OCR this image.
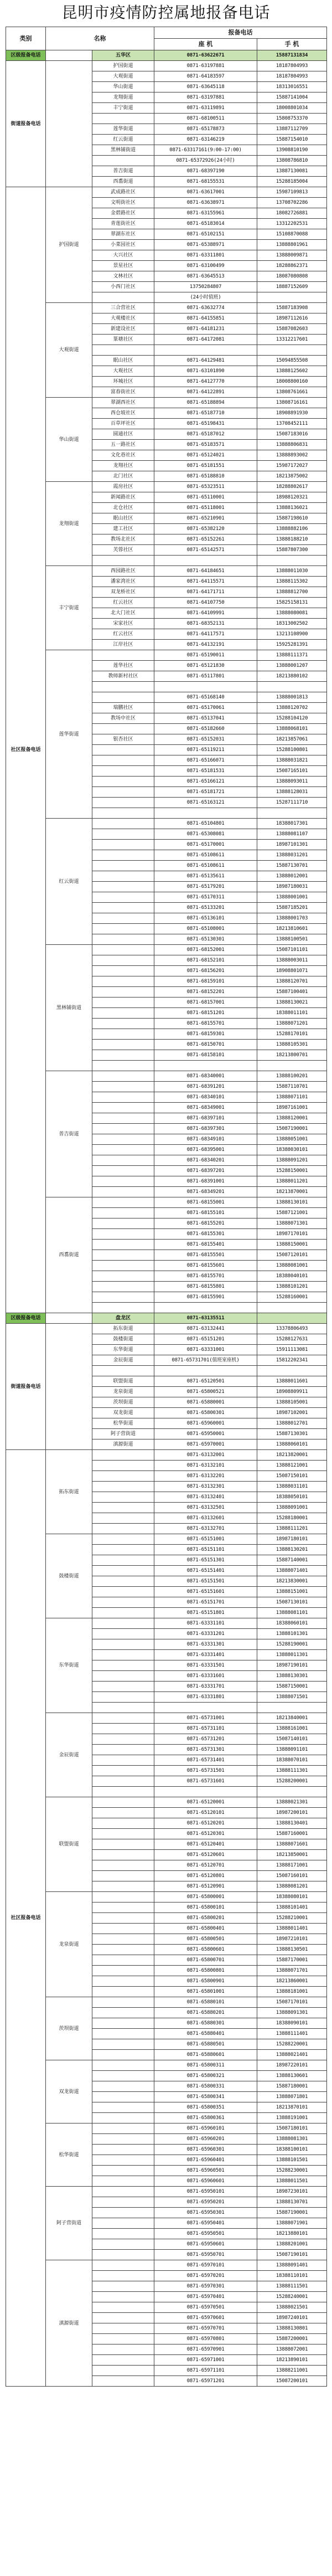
昆明市疫情防控属地报备电话
类别	名称		报备电话	
			座 机	手 机
区级报备电话		五华区	0871-63622671	15887131834
街道报备电话		护国街道	0871-63197881	18187804993
		大观街道	0871-64183597	18187804993
		华山街道	0871-63645118	18313016551
		龙翔街道	0871-63197881	15887141004
		丰宁街道	0871-63119891	18008801034
			0871-68100511	15808753370
		莲华街道	0871-65178873	13887112709
		红云街道	0871-63146219	15887154010
		黑林铺街道	0871-63317161(9:00-17:00)	13908810190
			0871-65372926(24小时)	13808786810
		普吉街道	0871-68397190	13887130081
		西翥街道	0871-68155531	15288185004
社区报备电话	护国街道	武成路社区	0871-63617001	15987109813
		文明街社区	0871-63638971	13708702286
		金碧路社区	0871-63155961	18082726881
		青莲街社区	0871-65183014	13312202531
		翠湖东社区	0871-65102151	15108870088
		小菜园社区	0871-65388971	13888801961
		大兴社区	0871-63311801	13888009871
		景星社区	0871-63100499	18288862371
		文林社区	0871-63645513	18087080808
		小西门社区	13750284807	18887152609
			(24小时值班)	
	大观街道	三合营社区	0871-63632774	15887183908
		大观楼社区	0871-64155851	18987112616
		新建设社区	0871-64181231	15887082603
		篆塘社区	0871-64172081	13312217601

		眠山社区	0871-64129481	15094855508
		大观社区	0871-63101890	13888125602
		环城社区	0871-64127770	18008800160
		富春街社区	0871-64122891	13808761661
	华山街道	翠湖西社区	0871-65188894	13808716161
		西仓坡社区	0871-65187710	18908891930
		百草坪社区	0871-65198431	13708452111
		圆通社区	0871-65187012	15087183016
		五一路社区	0871-65183571	13888806831
		文化巷社区	0871-65124021	13888893002
		龙翔社区	0871-65181551	15987172027
		北门社区	0871-65188810	18213875002
	龙翔街道	霞房社区	0871-65323511	18288802617
		新闻路社区	0871-65110001	18988120321
		北仓社区	0871-65118001	13888136021
		眠山社区	0871-65210901	15887198610
		建工社区	0871-65382120	13888882106
		教场北社区	0871-65152261	13888188210
		芙蓉社区	0871-65142571	15887807300

	丰宁街道	西园路社区	0871-64184651	13888011030
		潘家湾社区	0871-64115571	13888115302
		双龙桥社区	0871-64171711	13888812700
		红云社区	0871-64107750	15825158131
		北大门社区	0871-64109991	13888080081
		宋家社区	0871-68352131	18313002502
		红云社区	0871-64117571	13213108900
		江岸社区	0871-64132191	15925281391
	莲华街道		0871-65190011	13888111371
		莲华社区	0871-65121830	13888001207
		教师新村社区	0871-65117801	18213880102

			0871-65168140	13888001813
		瑞鹏社区	0871-65170061	13888120702
		教场中社区	0871-65137041	15288104120
			0871-65182660	13888068101
		银杏社区	0871-65152031	18213857061
			0871-65119211	15288100801
			0871-65166071	13888031821
			0871-65181531	15087165101
			0871-65166121	13888093011
			0871-65181721	13888128031
			0871-65163121	15287111710

	红云街道		0871-65104801	18388017301
			0871-65308081	13888081107
			0871-65170001	18987101301
			0871-65108611	13888031201
			0871-65108611	15887130701
			0871-65135611	13888012001
			0871-65179201	18987180031
			0871-65170311	13888001001
			0871-65133201	15887185201
			0871-65136101	13888001703
			0871-65108001	18213810601
			0871-65130301	13888100501
	黑林铺街道		0871-68152001	15087101101
			0871-68152101	13888003011
			0871-68156201	18908801071
			0871-68159101	13888120701
			0871-68152201	15887100401
			0871-68157001	13888130021
			0871-68151201	18388011101
			0871-68155701	13888071201
			0871-68159301	15288170101
			0871-68150701	13888105301
			0871-68158101	18213800701

	普吉街道		0871-68340001	13888100201
			0871-68391201	15887110701
			0871-68340101	13888071101
			0871-68349001	18987161001
			0871-68397101	13888120001
			0871-68397301	15087190001
			0871-68349101	13888051001
			0871-68395001	18388030101
			0871-68340201	13888091201
			0871-68397201	15288150001
			0871-68391001	13888011201
			0871-68349201	18213870001
	西翥街道		0871-68155001	13888130101
			0871-68155101	15887121001
			0871-68155201	13888071301
			0871-68155301	18987170101
			0871-68155401	13888150001
			0871-68155501	15087120101
			0871-68155601	13888081001
			0871-68155701	18388040101
			0871-68155801	13888101201
			0871-68155901	15288160001

区级报备电话		盘龙区	0871-63135511	
街道报备电话		拓东街道	0871-63132441	13378806493
		鼓楼街道	0871-65151201	15288127631
		东华街道	0871-63331001	15911113081
		金辰街道	0871-65731701(值班室座机)	15812202341

		联盟街道	0871-65120501	13888011601
		龙泉街道	0871-65800521	18908809911
		茨坝街道	0871-65880001	13888105001
		双龙街道	0871-65800301	18987102001
		松华街道	0871-65960001	13888012701
		阿子营街道	0871-65950001	15887130301
		滇源街道	0871-65970001	13888060101
社区报备电话	拓东街道		0871-63132001	18213820001
			0871-63132101	13888121001
			0871-63132201	15087150101
			0871-63132301	13888031101
			0871-63132401	18388050101
			0871-63132501	13888091001
			0871-63132601	15288180001
			0871-63132701	13888111201
	鼓楼街道		0871-65151001	18987180101
			0871-65151101	13888130201
			0871-65151301	15887140001
			0871-65151401	13888071401
			0871-65151501	18213830001
			0871-65151601	13888151001
			0871-65151701	15087130101
			0871-65151801	13888081101
	东华街道		0871-63331101	18388060101
			0871-63331201	13888101301
			0871-63331301	15288190001
			0871-63331401	13888011301
			0871-63331501	18987190101
			0871-63331601	13888130301
			0871-63331701	15887150001
			0871-63331801	13888071501

	金辰街道		0871-65731001	18213840001
			0871-65731101	13888161001
			0871-65731201	15087140101
			0871-65731301	13888091101
			0871-65731401	18388070101
			0871-65731501	13888111301
			0871-65731601	15288200001

	联盟街道		0871-65120001	13888021301
			0871-65120101	18987200101
			0871-65120201	13888130401
			0871-65120301	15887160001
			0871-65120401	13888071601
			0871-65120601	18213850001
			0871-65120701	13888171001
			0871-65120801	15087160101
			0871-65120901	13888081201
	龙泉街道		0871-65800001	18388080101
			0871-65800101	13888101401
			0871-65800201	15288210001
			0871-65800401	13888011401
			0871-65800501	18987210101
			0871-65800601	13888130501
			0871-65800701	15887170001
			0871-65800801	13888071701
			0871-65800901	18213860001
			0871-65801001	13888181001
	茨坝街道		0871-65880101	15087170101
			0871-65880201	13888091301
			0871-65880301	18388090101
			0871-65880401	13888111401
			0871-65880501	15288220001
			0871-65880601	13888021401
	双龙街道		0871-65800311	18987220101
			0871-65800321	13888130601
			0871-65800331	15887180001
			0871-65800341	13888071801
			0871-65800351	18213870101
			0871-65800361	13888191001
	松华街道		0871-65960101	15087180101
			0871-65960201	13888081301
			0871-65960301	18388100101
			0871-65960401	13888101501
			0871-65960501	15288230001
			0871-65960601	13888011501
	阿子营街道		0871-65950101	18987230101
			0871-65950201	13888130701
			0871-65950301	15887190001
			0871-65950401	13888071901
			0871-65950501	18213880101
			0871-65950601	13888201001
			0871-65950701	15087190101
	滇源街道		0871-65970101	13888091401
			0871-65970201	18388110101
			0871-65970301	13888111501
			0871-65970401	15288240001
			0871-65970501	13888021501
			0871-65970601	18987240101
			0871-65970701	13888130801
			0871-65970801	15887200001
			0871-65970901	13888072001
			0871-65971001	18213890101
			0871-65971101	13888211001
			0871-65971201	15087200101
